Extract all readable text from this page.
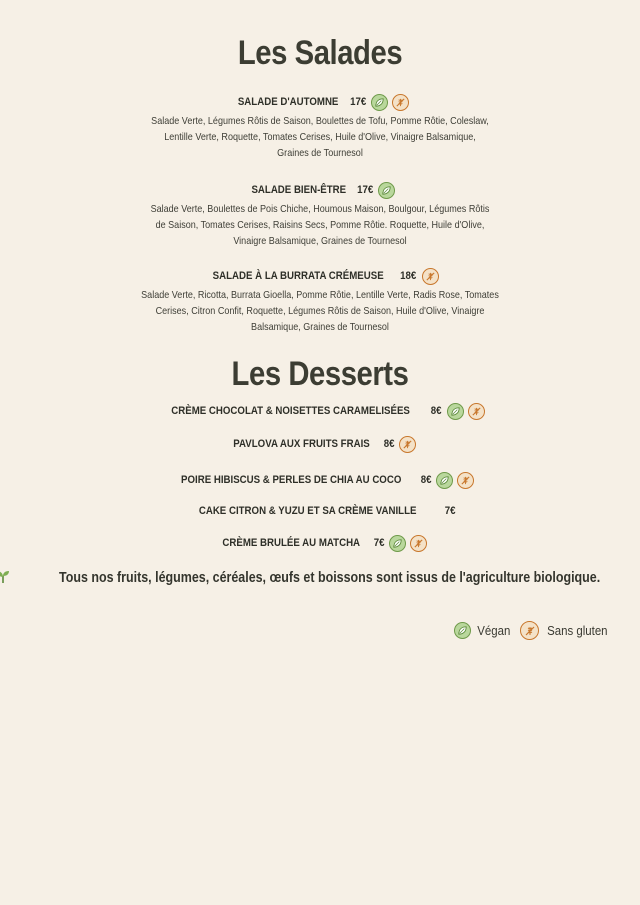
Les Salades
SALADE D'AUTOMNE 17€
Salade Verte, Légumes Rôtis de Saison, Boulettes de Tofu, Pomme Rôtie, Coleslaw, Lentille Verte, Roquette, Tomates Cerises, Huile d'Olive, Vinaigre Balsamique, Graines de Tournesol
SALADE BIEN-ÊTRE 17€
Salade Verte, Boulettes de Pois Chiche, Houmous Maison, Boulgour, Légumes Rôtis de Saison, Tomates Cerises, Raisins Secs, Pomme Rôtie. Roquette, Huile d'Olive, Vinaigre Balsamique, Graines de Tournesol
SALADE À LA BURRATA CRÉMEUSE 18€
Salade Verte, Ricotta, Burrata Gioella, Pomme Rôtie, Lentille Verte, Radis Rose, Tomates Cerises, Citron Confit, Roquette, Légumes Rôtis de Saison, Huile d'Olive, Vinaigre Balsamique, Graines de Tournesol
Les Desserts
CRÈME CHOCOLAT & NOISETTES CARAMELISÉES 8€
PAVLOVA AUX FRUITS FRAIS 8€
POIRE HIBISCUS & PERLES DE CHIA AU COCO 8€
CAKE CITRON & YUZU ET SA CRÈME VANILLE	7€
CRÈME BRULÉE AU MATCHA 7€
Tous nos fruits, légumes, céréales, œufs et boissons sont issus de l'agriculture biologique.
Végan	Sans gluten
